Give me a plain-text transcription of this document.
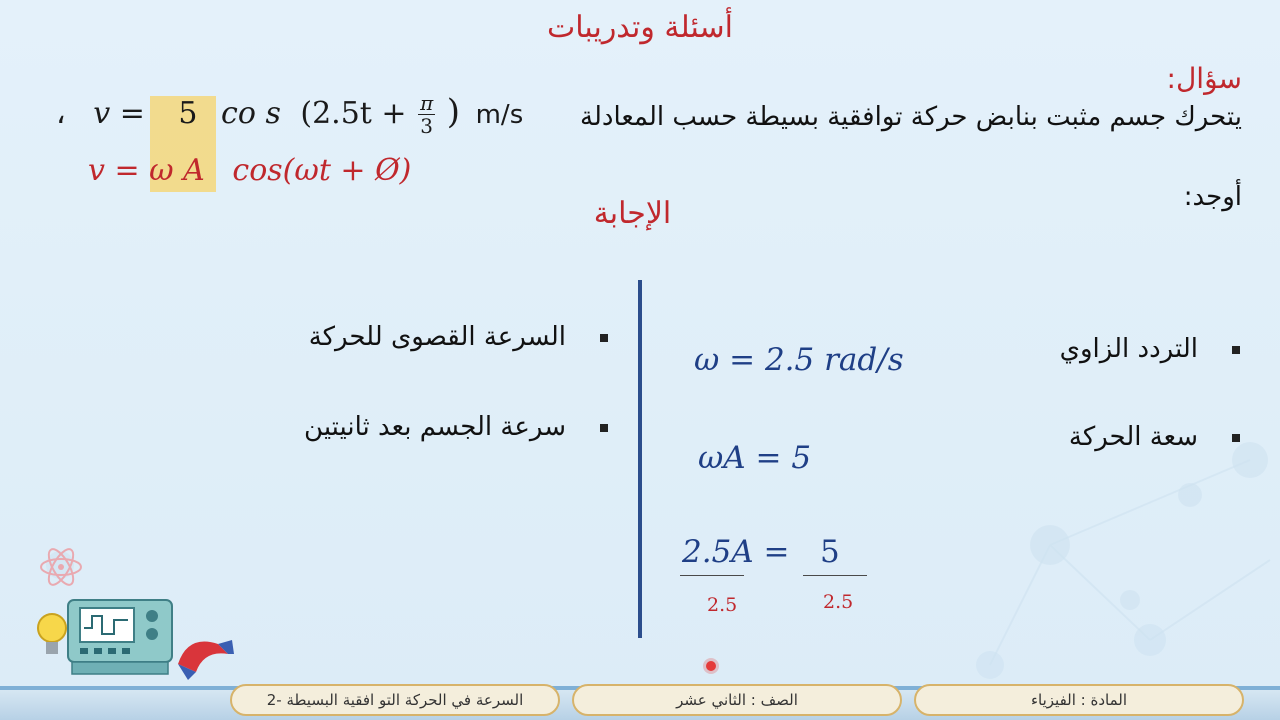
أسئلة وتدريبات
سؤال:
يتحرك جسم مثبت بنابض حركة توافقية بسيطة حسب المعادلة
، v = 5 co s ($2.5t + \frac{\pi}{3}$ ) m/s
v = ω A cos(ωt + Ø)
أوجد:
الإجابة
التردد الزاوي
ω = 2.5 rad/s
سعة الحركة
ωA = 5
2.5A = 5
2.5	2.5
السرعة القصوى للحركة
سرعة الجسم بعد ثانيتين
السرعة في الحركة التو افقية البسيطة -2	الصف : الثاني عشر	المادة : الفيزياء
